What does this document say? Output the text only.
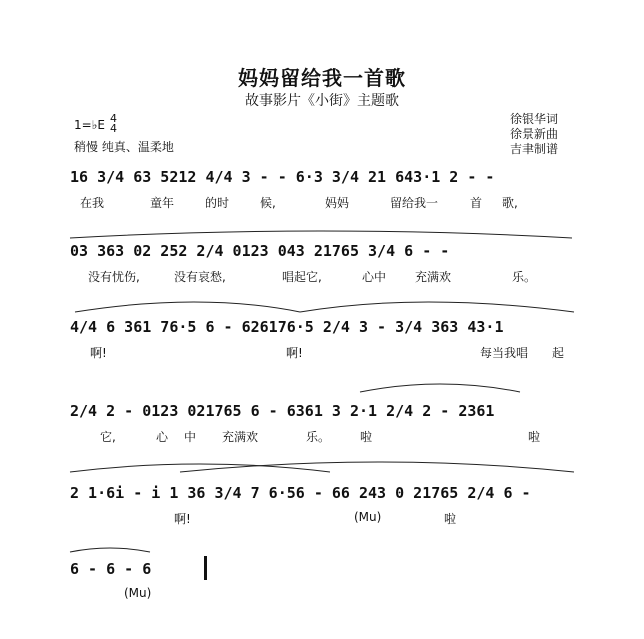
妈妈留给我一首歌
故事影片《小街》主题歌
1=♭E 4
4
稍慢 纯真、温柔地
徐银华词
徐景新曲
吉聿制谱
16 3/4 63 5212 4/4 3 - - 6·3 3/4 21 643·1 2 - -
在我	童年	的时	候,	妈妈	留给我一	首 歌,
03 363 02 252 2/4 0123 043 21765 3/4 6 - -
没有忧伤,	没有哀愁,	唱起它,	心中 充满欢	乐。
4/4 6 361 76·5 6 - 626176·5 2/4 3 - 3/4 363 43·1
啊!	啊!	每当我唱 起
2/4 2 - 0123 021765 6 - 6361 3 2·1 2/4 2 - 2361
它,	心 中 充满欢	乐。 啦	啦
2 1·6i - i 1 36 3/4 7 6·56 - 66 243 0 21765 2/4 6 -
啊!	(Mu)	啦
6 - 6 - 6
(Mu)
